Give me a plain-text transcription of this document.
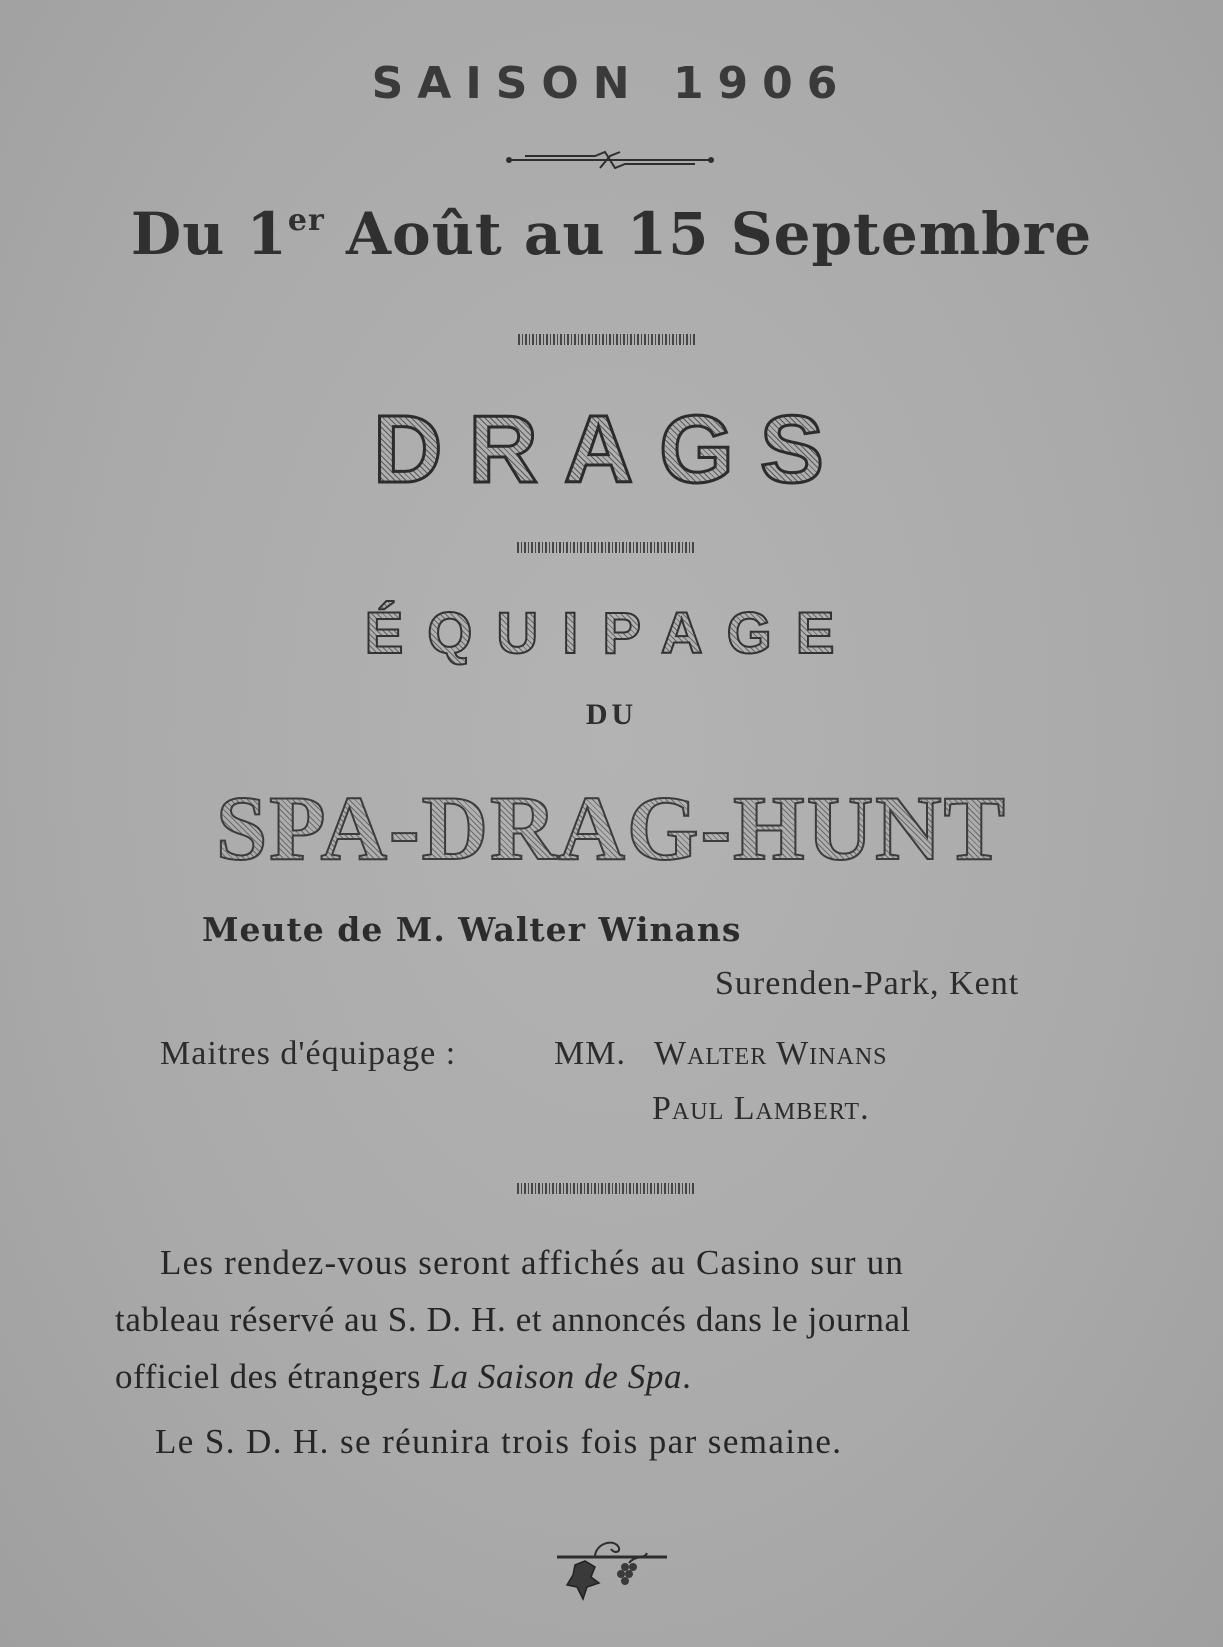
SAISON 1906
Du 1er Août au 15 Septembre
DRAGS
ÉQUIPAGE
DU
SPA-DRAG-HUNT
Meute de M. Walter Winans
Surenden-Park, Kent
Maitres d'équipage :	MM. Walter Winans
Paul Lambert.
Les rendez-vous seront affichés au Casino sur un
tableau réservé au S. D. H. et annoncés dans le journal
officiel des étrangers La Saison de Spa.
Le S. D. H. se réunira trois fois par semaine.
